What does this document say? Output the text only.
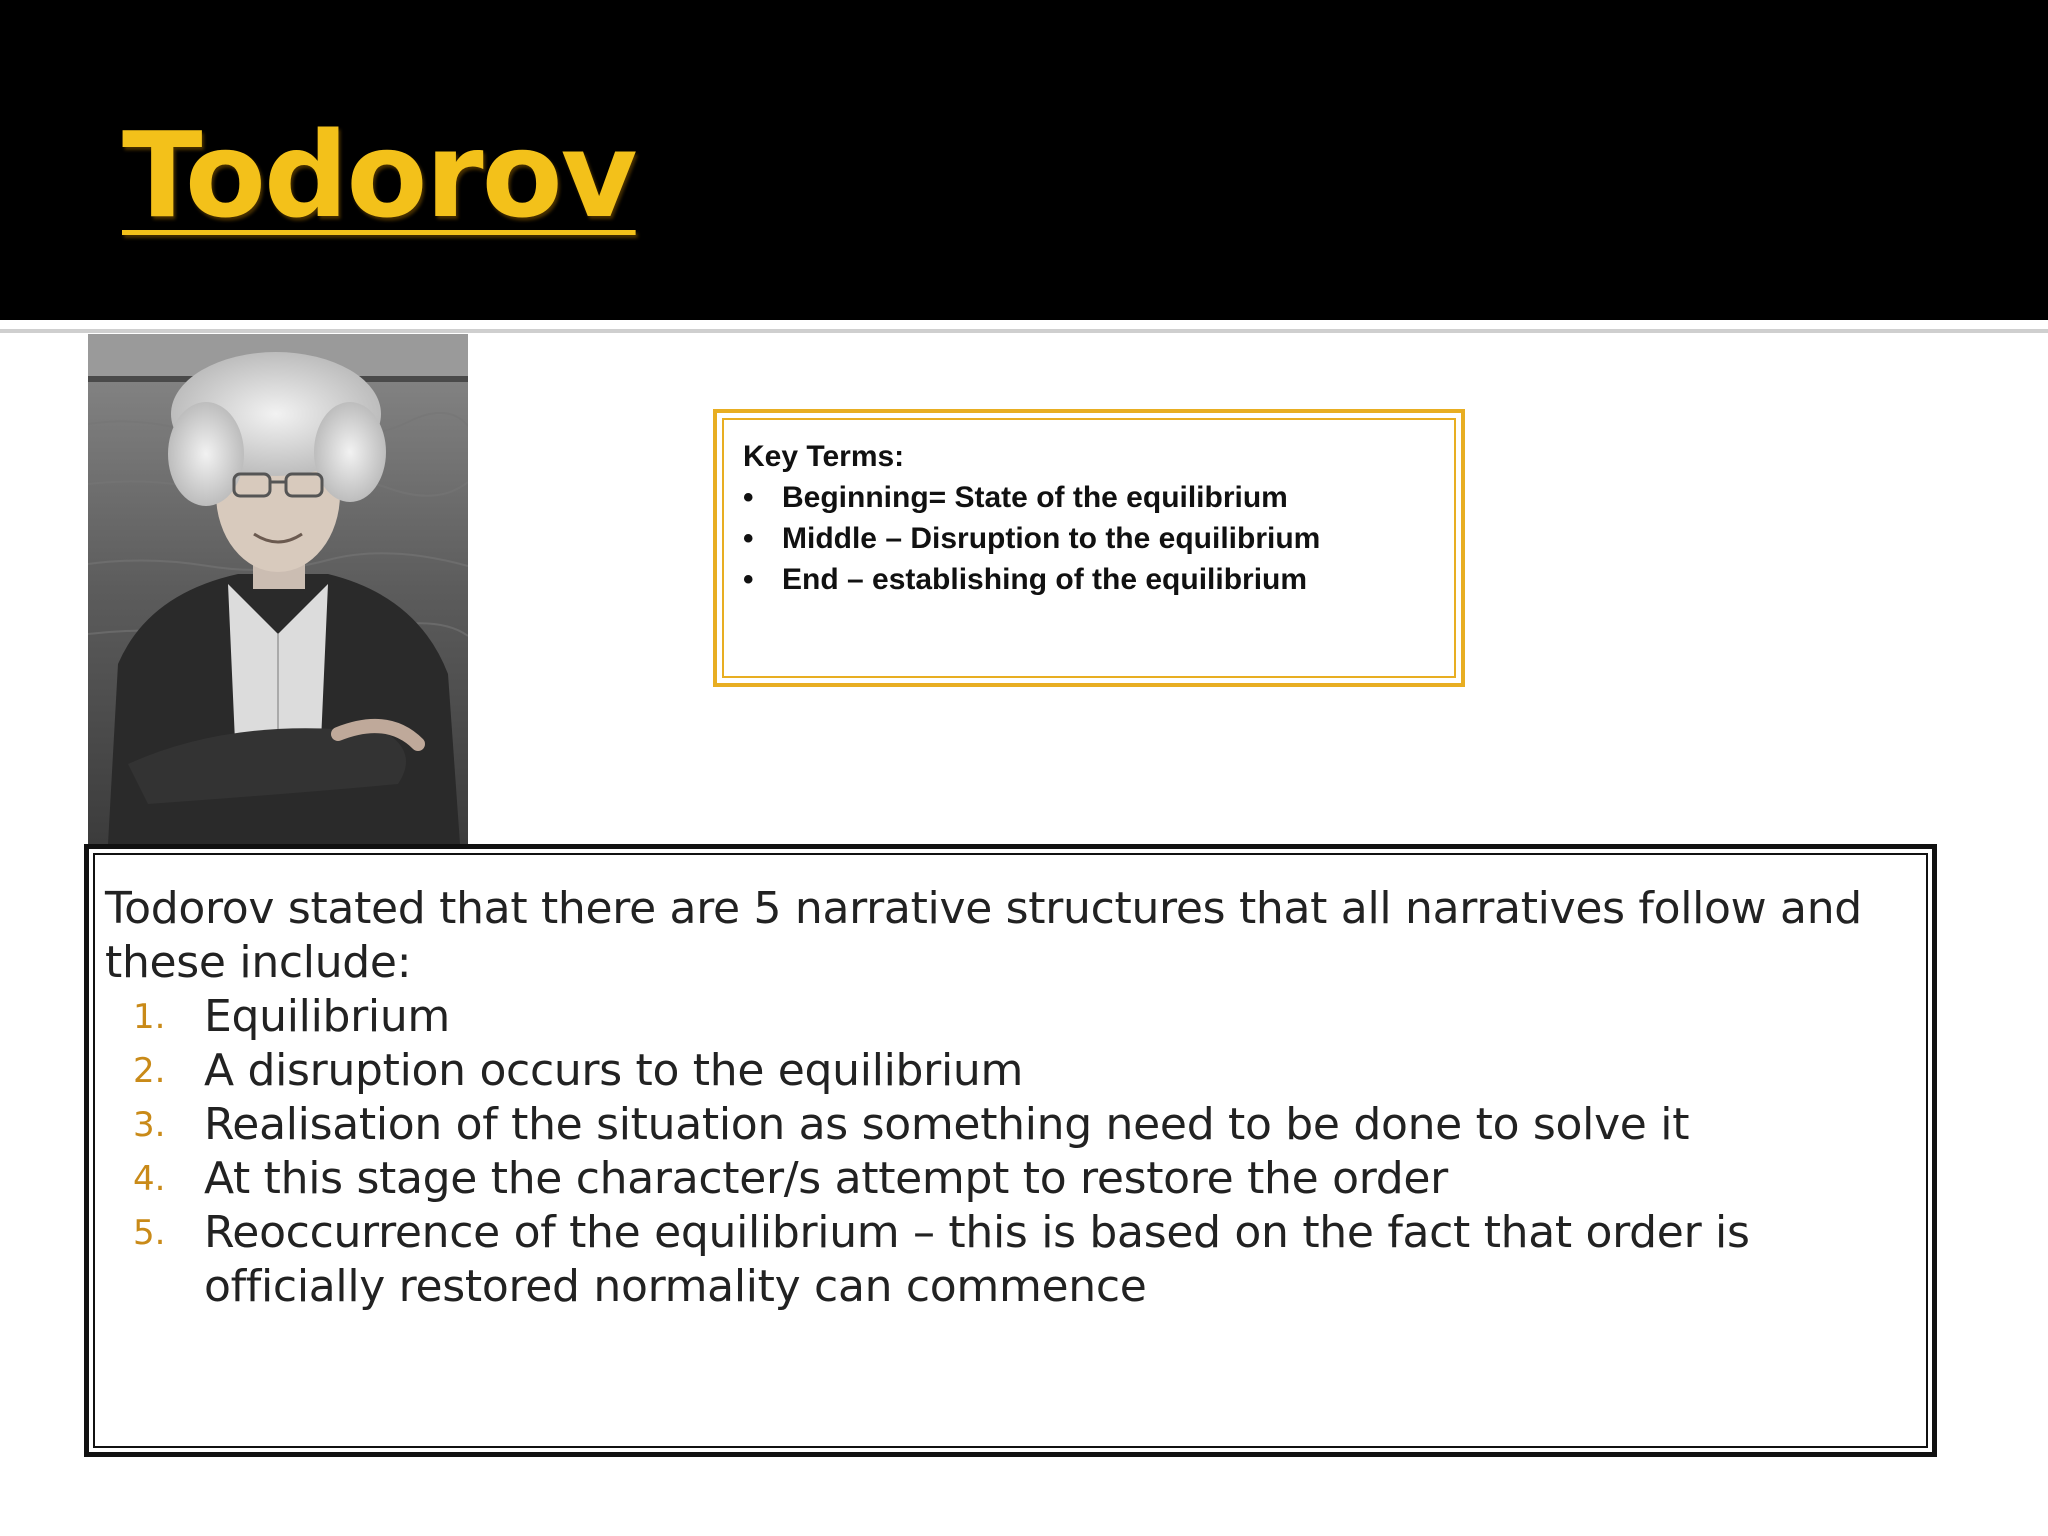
Todorov

Key Terms:

• Beginning= State of the equilibrium
• Middle – Disruption to the equilibrium
• End – establishing of the equilibrium

Todorov stated that there are 5 narrative structures that all narratives follow and these include:

1. Equilibrium
2. A disruption occurs to the equilibrium
3. Realisation of the situation as something need to be done to solve it
4. At this stage the character/s attempt to restore the order
5. Reoccurrence of the equilibrium – this is based on the fact that order is officially restored normality can commence
